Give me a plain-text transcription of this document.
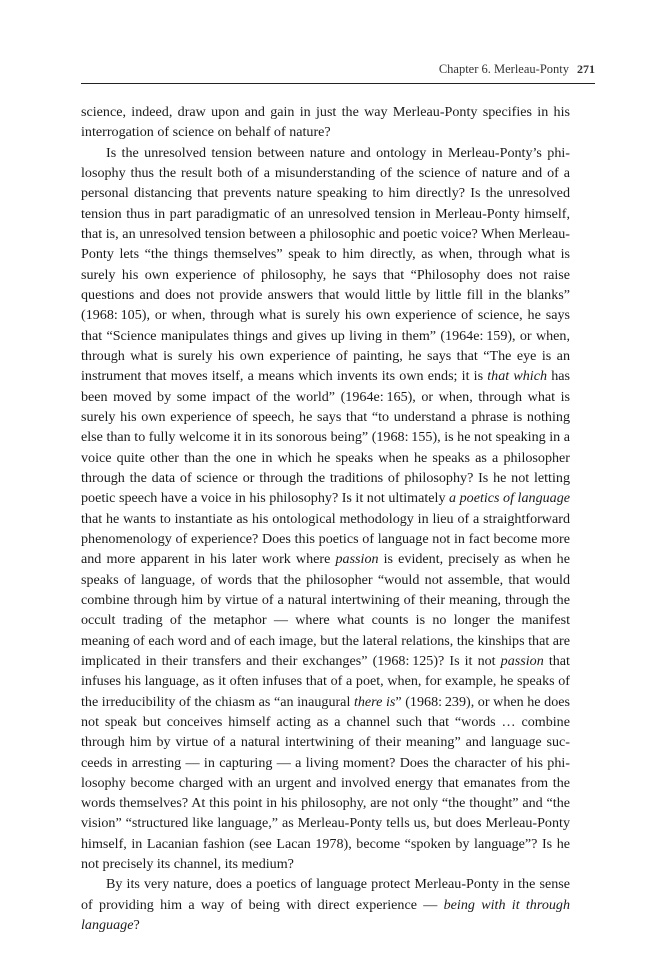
Chapter 6. Merleau-Ponty 271

science, indeed, draw upon and gain in just the way Merleau-Ponty specifies in his interrogation of science on behalf of nature?

Is the unresolved tension between nature and ontology in Merleau-Ponty’s philosophy thus the result both of a misunderstanding of the science of nature and of a personal distancing that prevents nature speaking to him directly? Is the unresolved tension thus in part paradigmatic of an unresolved tension in Merleau-Ponty himself, that is, an unresolved tension between a philosophic and poetic voice? When Merleau-Ponty lets “the things themselves” speak to him directly, as when, through what is surely his own experience of philosophy, he says that “Philosophy does not raise questions and does not provide answers that would little by little fill in the blanks” (1968: 105), or when, through what is surely his own experience of science, he says that “Science manipulates things and gives up living in them” (1964e: 159), or when, through what is surely his own experience of painting, he says that “The eye is an instrument that moves itself, a means which invents its own ends; it is that which has been moved by some impact of the world” (1964e: 165), or when, through what is surely his own experience of speech, he says that “to understand a phrase is nothing else than to fully welcome it in its sonorous being” (1968: 155), is he not speaking in a voice quite other than the one in which he speaks when he speaks as a philosopher through the data of science or through the traditions of philosophy? Is he not letting poetic speech have a voice in his philosophy? Is it not ultimately a poetics of language that he wants to instantiate as his ontological methodology in lieu of a straightforward phenomenology of experience? Does this poetics of language not in fact become more and more apparent in his later work where passion is evident, precisely as when he speaks of language, of words that the philosopher “would not assemble, that would combine through him by virtue of a natural intertwining of their meaning, through the occult trading of the metaphor — where what counts is no longer the manifest meaning of each word and of each image, but the lateral relations, the kinships that are implicated in their transfers and their exchanges” (1968: 125)? Is it not passion that infuses his language, as it often infuses that of a poet, when, for example, he speaks of the irreducibility of the chiasm as “an inaugural there is” (1968: 239), or when he does not speak but conceives himself acting as a channel such that “words … combine through him by virtue of a natural intertwining of their meaning” and language succeeds in arresting — in capturing — a living moment? Does the character of his philosophy become charged with an urgent and involved energy that emanates from the words themselves? At this point in his philosophy, are not only “the thought” and “the vision” “structured like language,” as Merleau-Ponty tells us, but does Merleau-Ponty himself, in Lacanian fashion (see Lacan 1978), become “spoken by language”? Is he not precisely its channel, its medium?

By its very nature, does a poetics of language protect Merleau-Ponty in the sense of providing him a way of being with direct experience — being with it through language?
